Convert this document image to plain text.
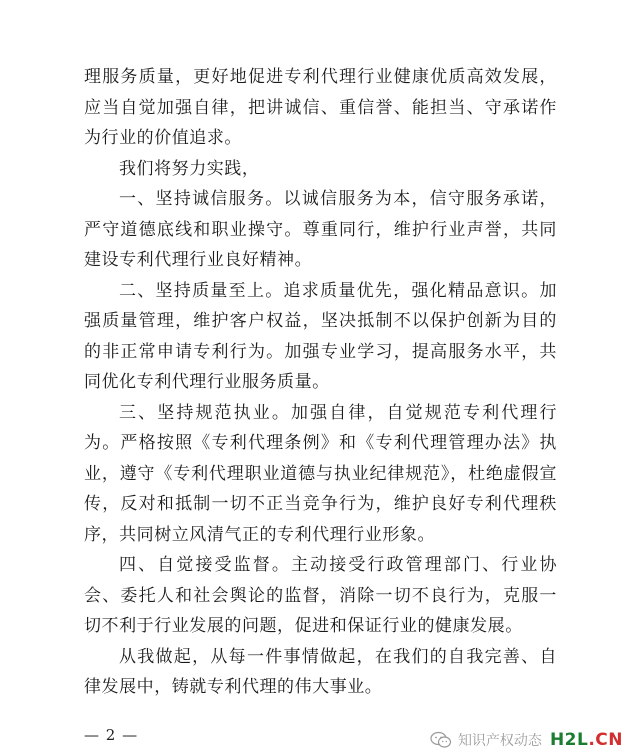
理服务质量，更好地促进专利代理行业健康优质高效发展，应当自觉加强自律，把讲诚信、重信誉、能担当、守承诺作为行业的价值追求。

我们将努力实践，

一、坚持诚信服务。以诚信服务为本，信守服务承诺，严守道德底线和职业操守。尊重同行，维护行业声誉，共同建设专利代理行业良好精神。

二、坚持质量至上。追求质量优先，强化精品意识。加强质量管理，维护客户权益，坚决抵制不以保护创新为目的的非正常申请专利行为。加强专业学习，提高服务水平，共同优化专利代理行业服务质量。

三、坚持规范执业。加强自律，自觉规范专利代理行为。严格按照《专利代理条例》和《专利代理管理办法》执业，遵守《专利代理职业道德与执业纪律规范》，杜绝虚假宣传，反对和抵制一切不正当竞争行为，维护良好专利代理秩序，共同树立风清气正的专利代理行业形象。

四、自觉接受监督。主动接受行政管理部门、行业协会、委托人和社会舆论的监督，消除一切不良行为，克服一切不利于行业发展的问题，促进和保证行业的健康发展。

从我做起，从每一件事情做起，在我们的自我完善、自律发展中，铸就专利代理的伟大事业。

— 2 —	知识产权动态 H2L.CN
